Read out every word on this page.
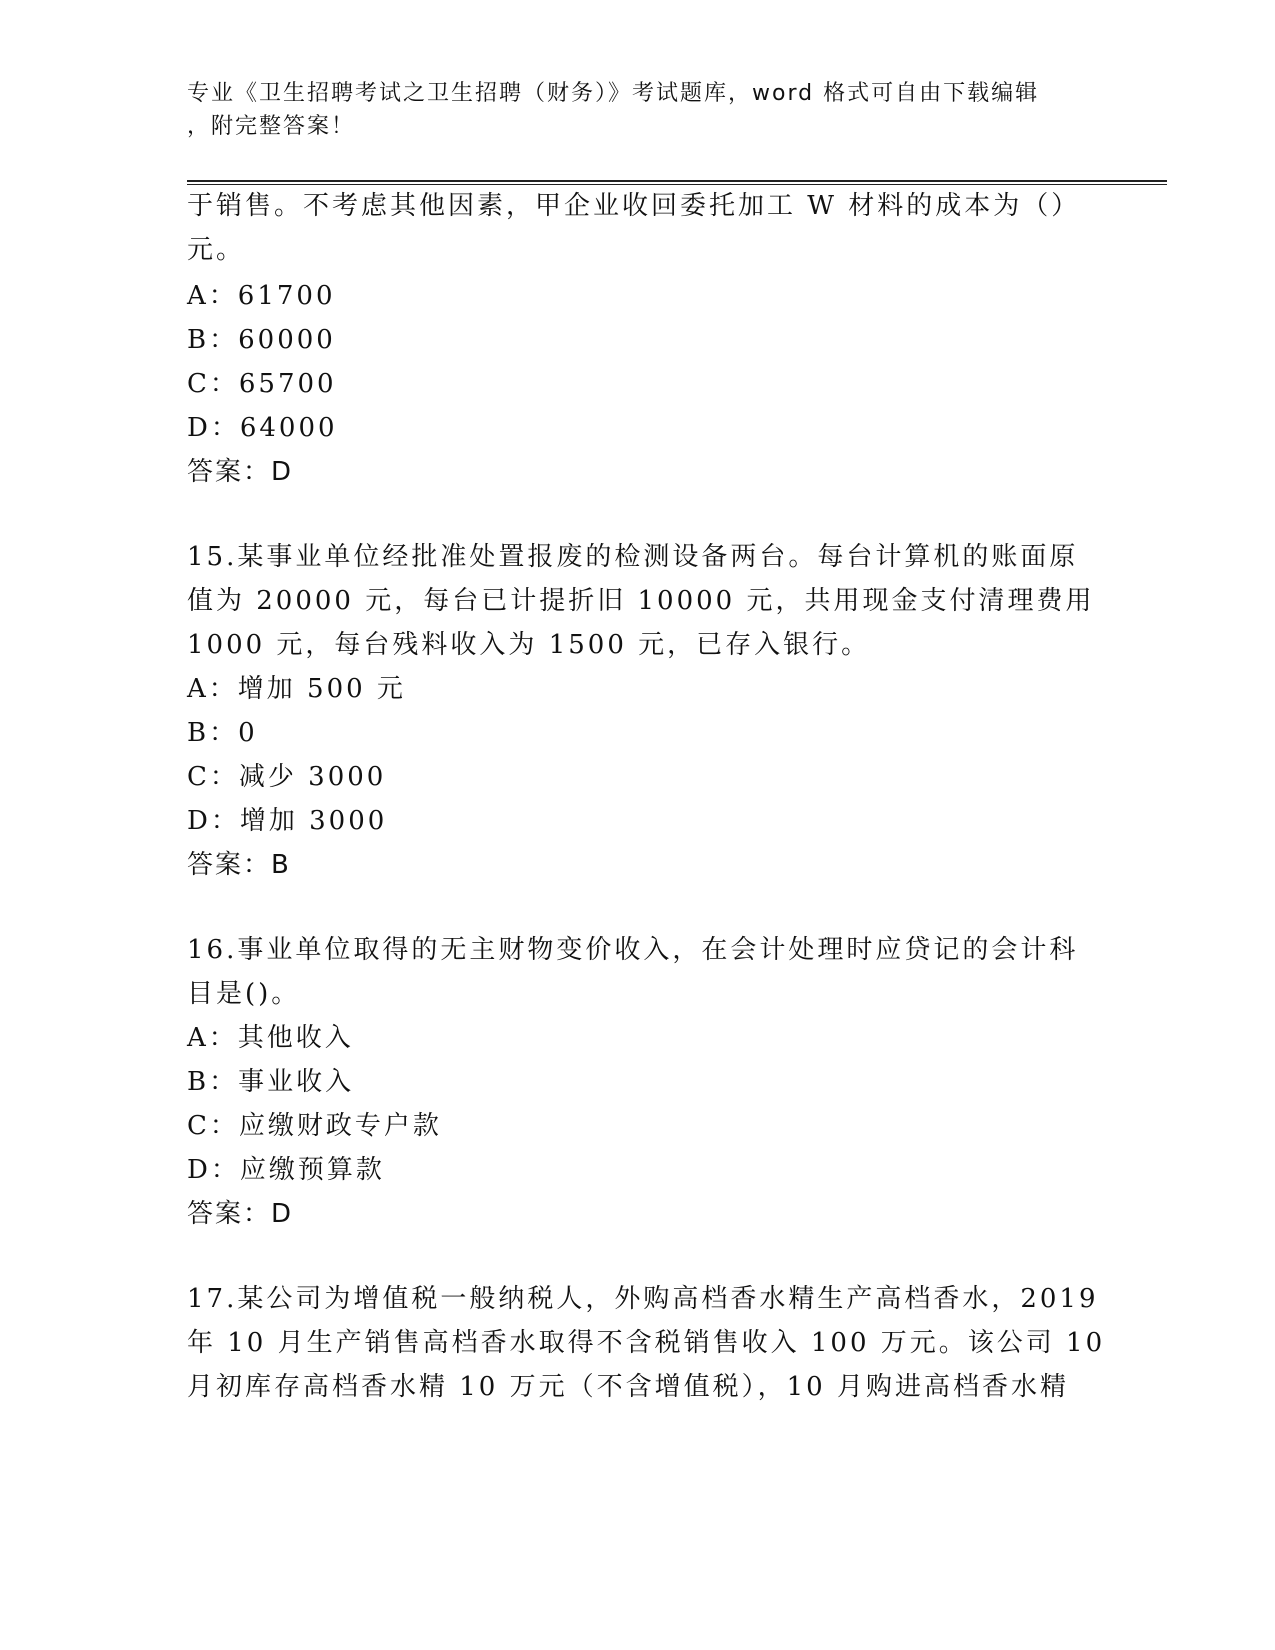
专业《卫生招聘考试之卫生招聘（财务）》考试题库，word 格式可自由下载编辑
，附完整答案！
于销售。不考虑其他因素，甲企业收回委托加工 W 材料的成本为（）
元。
A：61700
B：60000
C：65700
D：64000
答案：D
15.某事业单位经批准处置报废的检测设备两台。每台计算机的账面原
值为 20000 元，每台已计提折旧 10000 元，共用现金支付清理费用
1000 元，每台残料收入为 1500 元，已存入银行。
A：增加 500 元
B：0
C：减少 3000
D：增加 3000
答案：B
16.事业单位取得的无主财物变价收入，在会计处理时应贷记的会计科
目是()。
A：其他收入
B：事业收入
C：应缴财政专户款
D：应缴预算款
答案：D
17.某公司为增值税一般纳税人，外购高档香水精生产高档香水，2019
年 10 月生产销售高档香水取得不含税销售收入 100 万元。该公司 10
月初库存高档香水精 10 万元（不含增值税），10 月购进高档香水精
